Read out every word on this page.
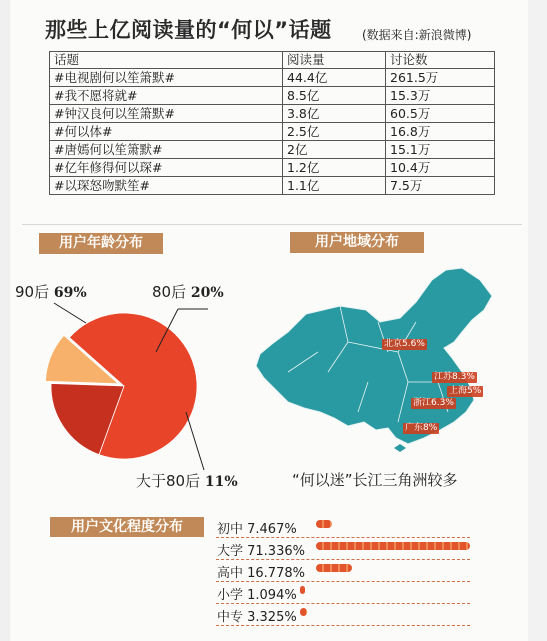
那些上亿阅读量的“何以”话题	(数据来自:新浪微博)
话题	阅读量	讨论数
#电视剧何以笙箫默#	44.4亿	261.5万
#我不愿将就#	8.5亿	15.3万
#钟汉良何以笙箫默#	3.8亿	60.5万
#何以体#	2.5亿	16.8万
#唐嫣何以笙箫默#	2亿	15.1万
#亿年修得何以琛#	1.2亿	10.4万
#以琛怒吻默笙#	1.1亿	7.5万
用户年龄分布
90后 69%	80后 20%
大于80后 11%
用户地域分布
北京5.6%
江苏8.3%
上海5%
浙江6.3%
广东8%
“何以迷”长江三角洲较多
用户文化程度分布	初中 7.467%
大学 71.336%
高中 16.778%
小学 1.094%
中专 3.325%
